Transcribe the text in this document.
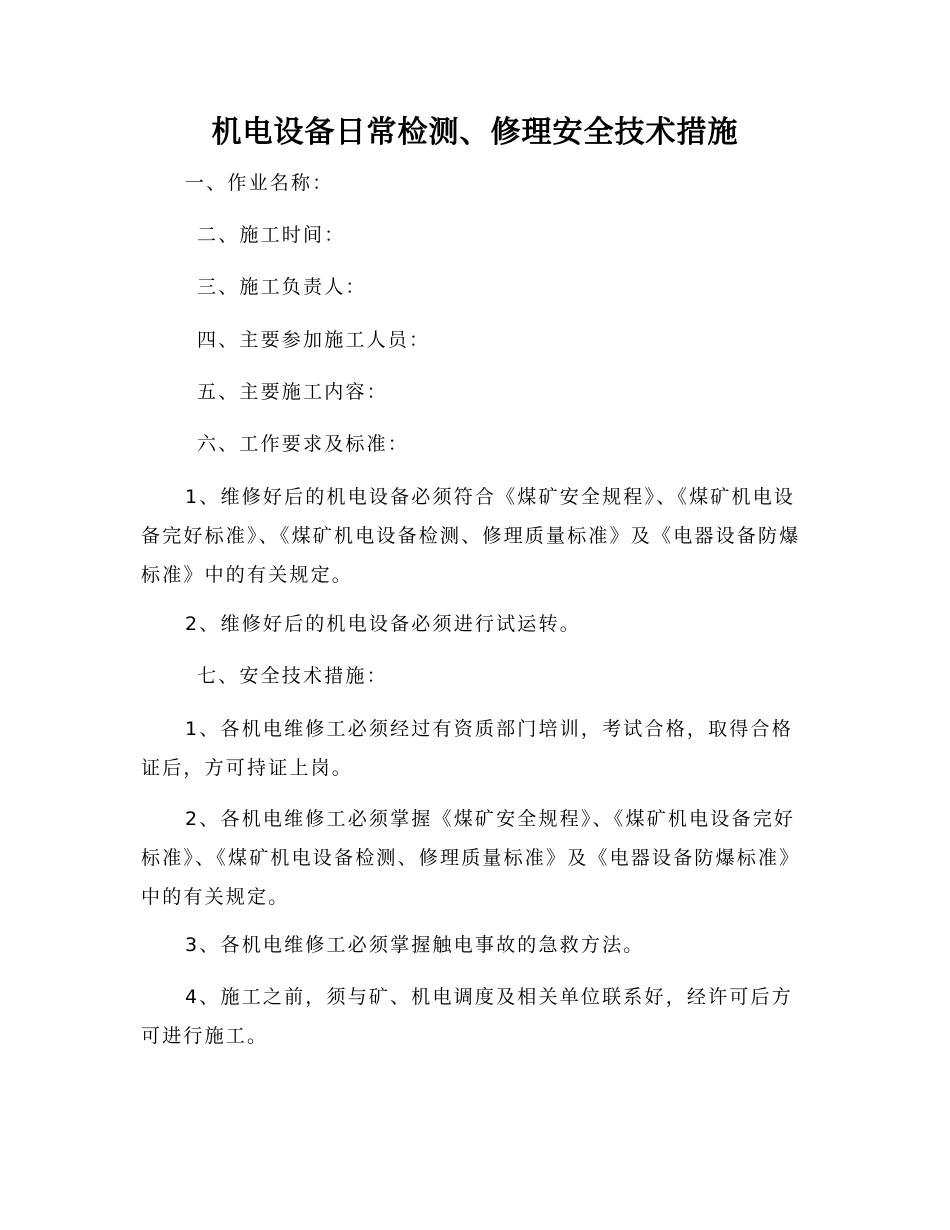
机电设备日常检测、修理安全技术措施
一、作业名称：
二、施工时间：
三、施工负责人：
四、主要参加施工人员：
五、主要施工内容：
六、工作要求及标准：
1、维修好后的机电设备必须符合《煤矿安全规程》、《煤矿机电设备完好标准》、《煤矿机电设备检测、修理质量标准》及《电器设备防爆标准》中的有关规定。
2、维修好后的机电设备必须进行试运转。
七、安全技术措施：
1、各机电维修工必须经过有资质部门培训，考试合格，取得合格证后，方可持证上岗。
2、各机电维修工必须掌握《煤矿安全规程》、《煤矿机电设备完好标准》、《煤矿机电设备检测、修理质量标准》及《电器设备防爆标准》中的有关规定。
3、各机电维修工必须掌握触电事故的急救方法。
4、施工之前，须与矿、机电调度及相关单位联系好，经许可后方可进行施工。
